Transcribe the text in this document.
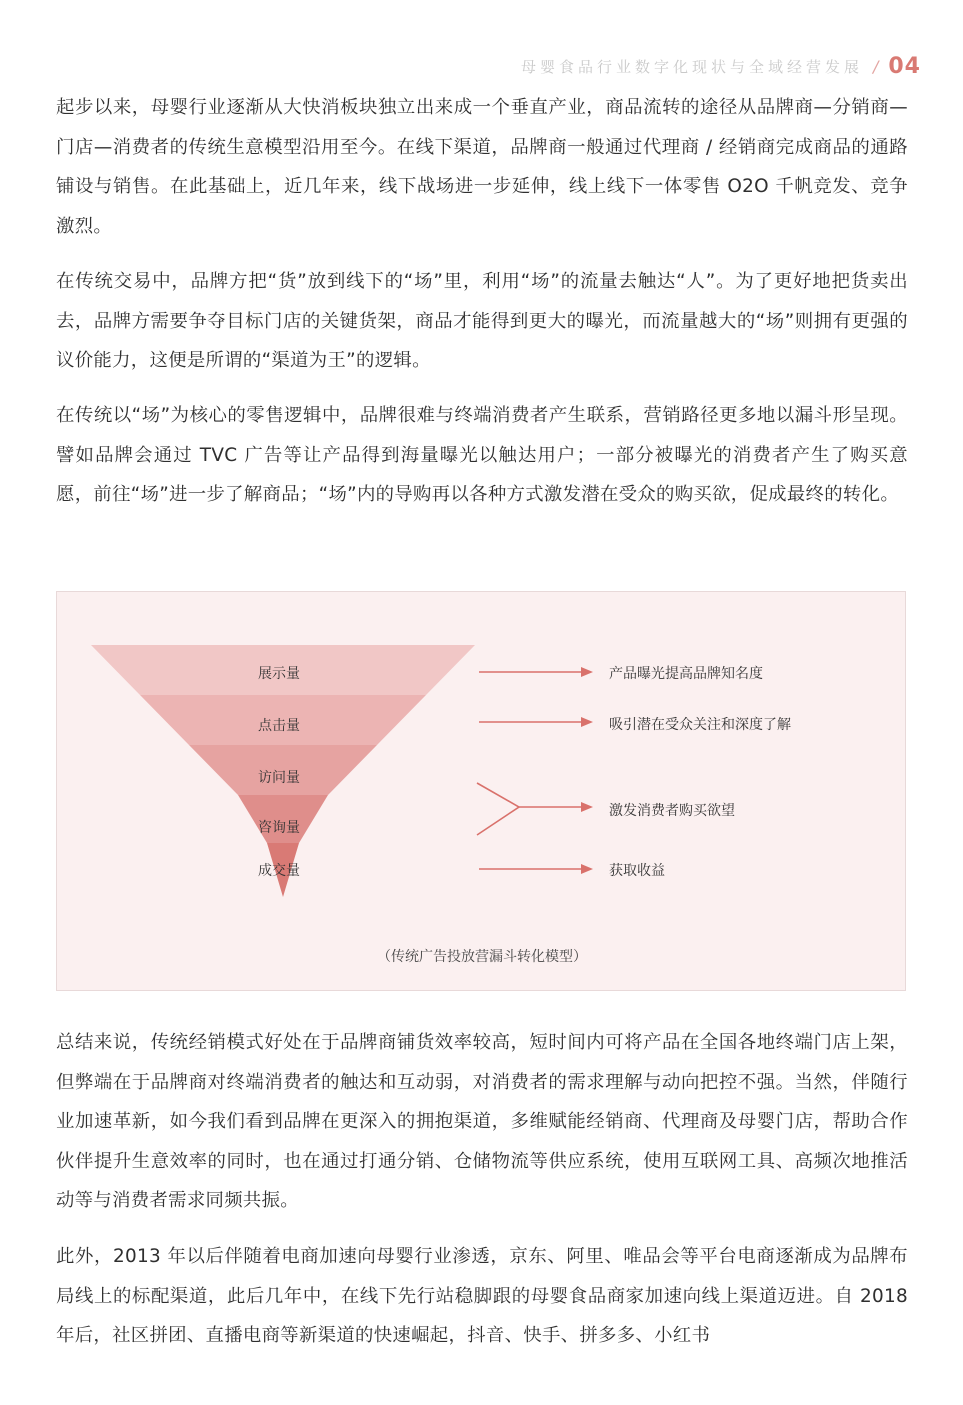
母婴食品行业数字化现状与全域经营发展 / 04

起步以来，母婴行业逐渐从大快消板块独立出来成一个垂直产业，商品流转的途径从品牌商—分销商—门店—消费者的传统生意模型沿用至今。在线下渠道，品牌商一般通过代理商 / 经销商完成商品的通路铺设与销售。在此基础上，近几年来，线下战场进一步延伸，线上线下一体零售 O2O 千帆竞发、竞争激烈。

在传统交易中，品牌方把“货”放到线下的“场”里，利用“场”的流量去触达“人”。为了更好地把货卖出去，品牌方需要争夺目标门店的关键货架，商品才能得到更大的曝光，而流量越大的“场”则拥有更强的议价能力，这便是所谓的“渠道为王”的逻辑。

在传统以“场”为核心的零售逻辑中，品牌很难与终端消费者产生联系，营销路径更多地以漏斗形呈现。譬如品牌会通过 TVC 广告等让产品得到海量曝光以触达用户；一部分被曝光的消费者产生了购买意愿，前往“场”进一步了解商品；“场”内的导购再以各种方式激发潜在受众的购买欲，促成最终的转化。

展示量
点击量
访问量
咨询量
成交量
产品曝光提高品牌知名度
吸引潜在受众关注和深度了解
激发消费者购买欲望
获取收益
（传统广告投放营漏斗转化模型）

总结来说，传统经销模式好处在于品牌商铺货效率较高，短时间内可将产品在全国各地终端门店上架，但弊端在于品牌商对终端消费者的触达和互动弱，对消费者的需求理解与动向把控不强。当然，伴随行业加速革新，如今我们看到品牌在更深入的拥抱渠道，多维赋能经销商、代理商及母婴门店，帮助合作伙伴提升生意效率的同时，也在通过打通分销、仓储物流等供应系统，使用互联网工具、高频次地推活动等与消费者需求同频共振。

此外，2013 年以后伴随着电商加速向母婴行业渗透，京东、阿里、唯品会等平台电商逐渐成为品牌布局线上的标配渠道，此后几年中，在线下先行站稳脚跟的母婴食品商家加速向线上渠道迈进。自 2018 年后，社区拼团、直播电商等新渠道的快速崛起，抖音、快手、拼多多、小红书
